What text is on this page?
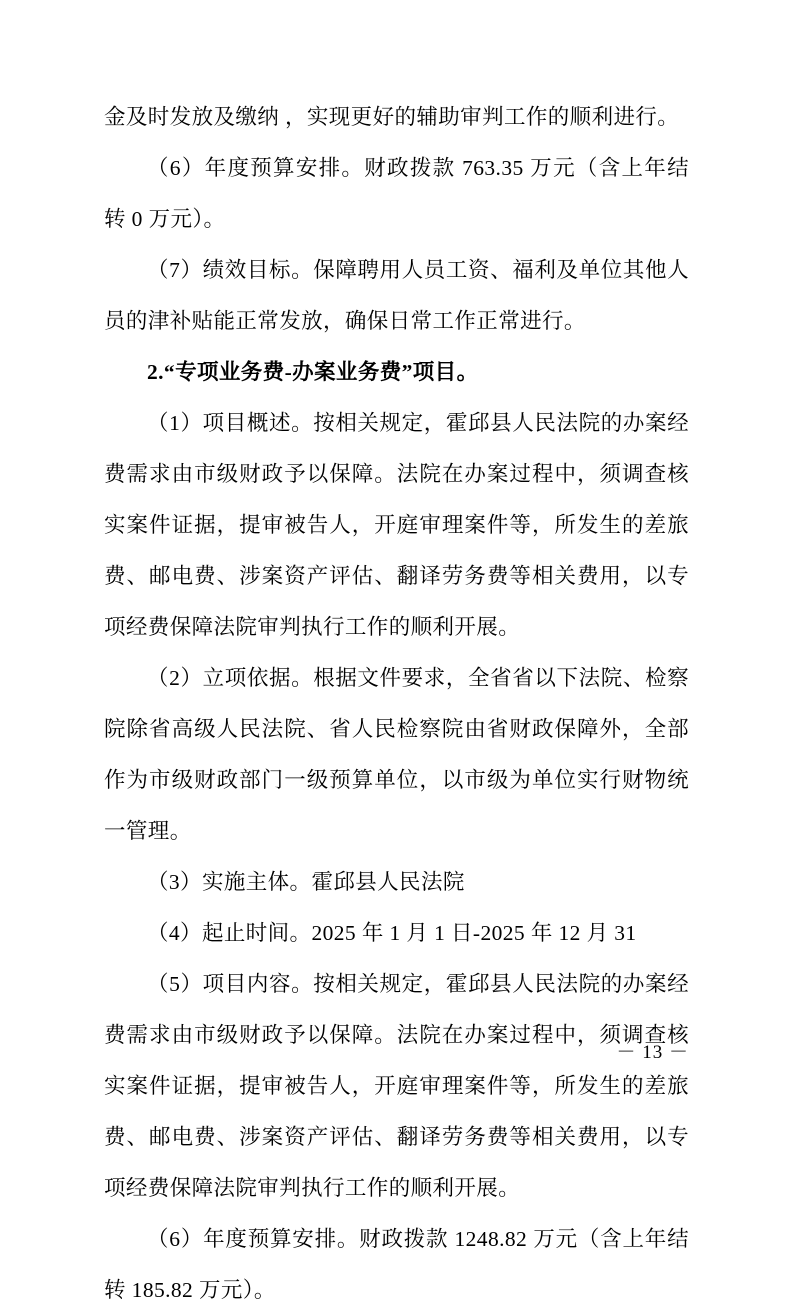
金及时发放及缴纳 ，实现更好的辅助审判工作的顺利进行。

（6）年度预算安排。财政拨款 763.35 万元（含上年结转 0 万元）。

（7）绩效目标。保障聘用人员工资、福利及单位其他人员的津补贴能正常发放，确保日常工作正常进行。

2.“专项业务费-办案业务费”项目。

（1）项目概述。按相关规定，霍邱县人民法院的办案经费需求由市级财政予以保障。法院在办案过程中，须调查核实案件证据，提审被告人，开庭审理案件等，所发生的差旅费、邮电费、涉案资产评估、翻译劳务费等相关费用，以专项经费保障法院审判执行工作的顺利开展。

（2）立项依据。根据文件要求，全省省以下法院、检察院除省高级人民法院、省人民检察院由省财政保障外，全部作为市级财政部门一级预算单位，以市级为单位实行财物统一管理。

（3）实施主体。霍邱县人民法院

（4）起止时间。2025 年 1 月 1 日-2025 年 12 月 31

（5）项目内容。按相关规定，霍邱县人民法院的办案经费需求由市级财政予以保障。法院在办案过程中，须调查核实案件证据，提审被告人，开庭审理案件等，所发生的差旅费、邮电费、涉案资产评估、翻译劳务费等相关费用，以专项经费保障法院审判执行工作的顺利开展。

（6）年度预算安排。财政拨款 1248.82 万元（含上年结转 185.82 万元）。

－ 13 －
